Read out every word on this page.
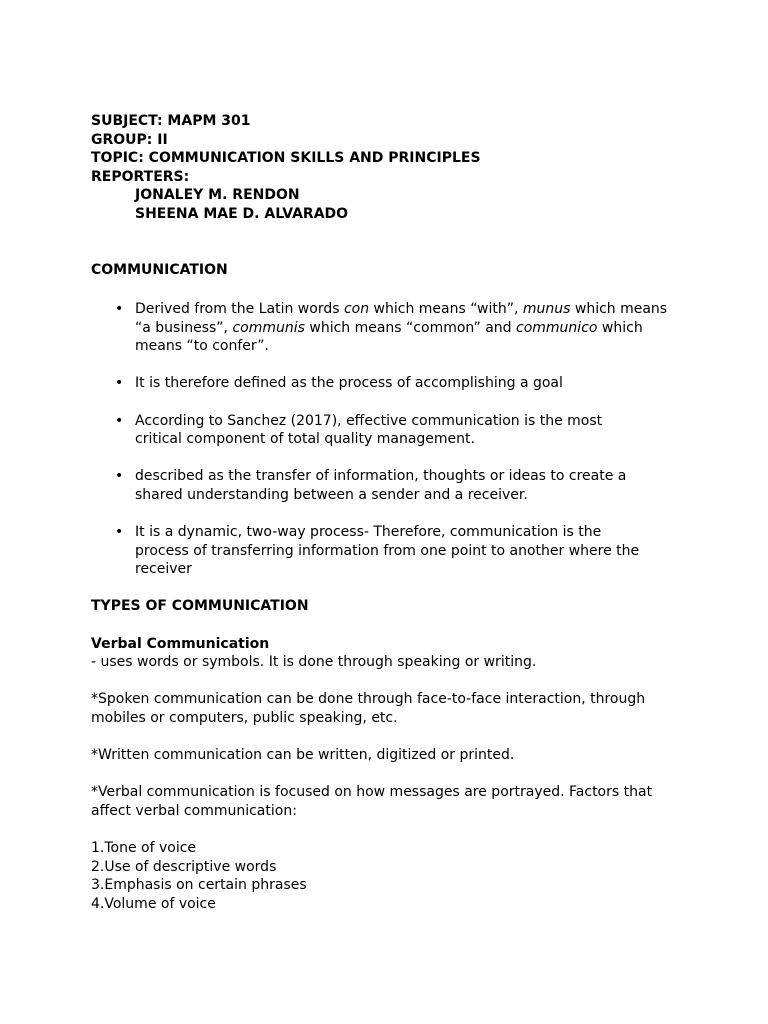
SUBJECT: MAPM 301
GROUP: II
TOPIC: COMMUNICATION SKILLS AND PRINCIPLES
REPORTERS:
JONALEY M. RENDON
SHEENA MAE D. ALVARADO
COMMUNICATION
• Derived from the Latin words con which means “with”, munus which means “a business”, communis which means “common” and communico which means “to confer”.
• It is therefore defined as the process of accomplishing a goal
• According to Sanchez (2017), effective communication is the most critical component of total quality management.
• described as the transfer of information, thoughts or ideas to create a shared understanding between a sender and a receiver.
• It is a dynamic, two-way process- Therefore, communication is the process of transferring information from one point to another where the receiver
TYPES OF COMMUNICATION
Verbal Communication
- uses words or symbols. It is done through speaking or writing.
*Spoken communication can be done through face-to-face interaction, through mobiles or computers, public speaking, etc.
*Written communication can be written, digitized or printed.
*Verbal communication is focused on how messages are portrayed. Factors that affect verbal communication:
1.Tone of voice
2.Use of descriptive words
3.Emphasis on certain phrases
4.Volume of voice
